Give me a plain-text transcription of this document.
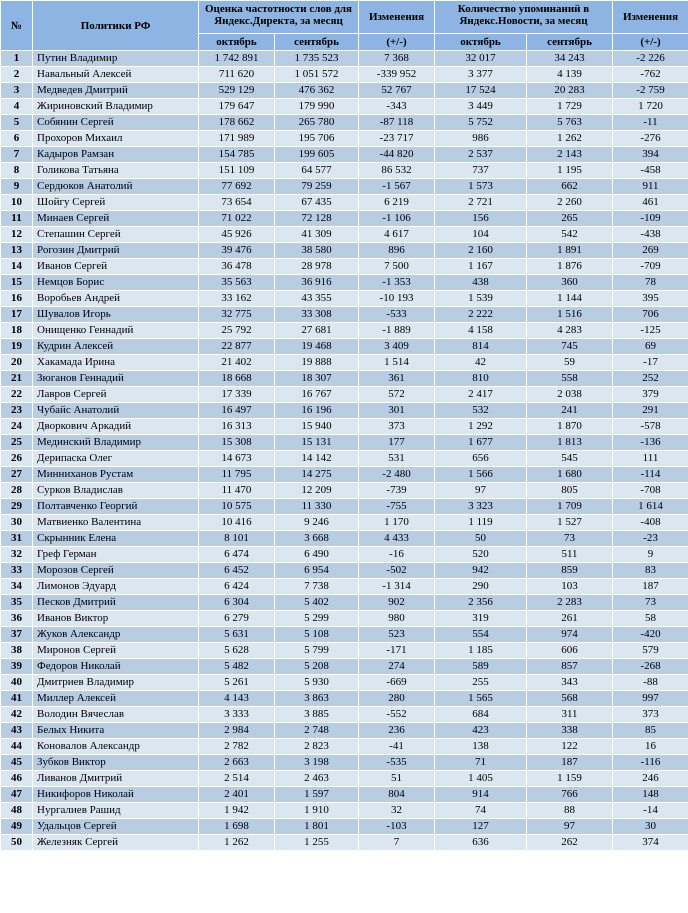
№	Политики РФ	Оценка частотности слов для Яндекс.Директа, за месяц		Изменения	Количество упоминаний в Яндекс.Новости, за месяц		Изменения
		октябрь	сентябрь	(+/-)	октябрь	сентябрь	(+/-)
1	Путин Владимир	1 742 891	1 735 523	7 368	32 017	34 243	-2 226
2	Навальный Алексей	711 620	1 051 572	-339 952	3 377	4 139	-762
3	Медведев Дмитрий	529 129	476 362	52 767	17 524	20 283	-2 759
4	Жириновский Владимир	179 647	179 990	-343	3 449	1 729	1 720
5	Собянин Сергей	178 662	265 780	-87 118	5 752	5 763	-11
6	Прохоров Михаил	171 989	195 706	-23 717	986	1 262	-276
7	Кадыров Рамзан	154 785	199 605	-44 820	2 537	2 143	394
8	Голикова Татьяна	151 109	64 577	86 532	737	1 195	-458
9	Сердюков Анатолий	77 692	79 259	-1 567	1 573	662	911
10	Шойгу Сергей	73 654	67 435	6 219	2 721	2 260	461
11	Минаев Сергей	71 022	72 128	-1 106	156	265	-109
12	Степашин Сергей	45 926	41 309	4 617	104	542	-438
13	Рогозин Дмитрий	39 476	38 580	896	2 160	1 891	269
14	Иванов Сергей	36 478	28 978	7 500	1 167	1 876	-709
15	Немцов Борис	35 563	36 916	-1 353	438	360	78
16	Воробьев Андрей	33 162	43 355	-10 193	1 539	1 144	395
17	Шувалов Игорь	32 775	33 308	-533	2 222	1 516	706
18	Онищенко Геннадий	25 792	27 681	-1 889	4 158	4 283	-125
19	Кудрин Алексей	22 877	19 468	3 409	814	745	69
20	Хакамада Ирина	21 402	19 888	1 514	42	59	-17
21	Зюганов Геннадий	18 668	18 307	361	810	558	252
22	Лавров Сергей	17 339	16 767	572	2 417	2 038	379
23	Чубайс Анатолий	16 497	16 196	301	532	241	291
24	Дворкович Аркадий	16 313	15 940	373	1 292	1 870	-578
25	Мединский Владимир	15 308	15 131	177	1 677	1 813	-136
26	Дерипаска Олег	14 673	14 142	531	656	545	111
27	Минниханов Рустам	11 795	14 275	-2 480	1 566	1 680	-114
28	Сурков Владислав	11 470	12 209	-739	97	805	-708
29	Полтавченко Георгий	10 575	11 330	-755	3 323	1 709	1 614
30	Матвиенко Валентина	10 416	9 246	1 170	1 119	1 527	-408
31	Скрынник Елена	8 101	3 668	4 433	50	73	-23
32	Греф Герман	6 474	6 490	-16	520	511	9
33	Морозов Сергей	6 452	6 954	-502	942	859	83
34	Лимонов Эдуард	6 424	7 738	-1 314	290	103	187
35	Песков Дмитрий	6 304	5 402	902	2 356	2 283	73
36	Иванов Виктор	6 279	5 299	980	319	261	58
37	Жуков Александр	5 631	5 108	523	554	974	-420
38	Миронов Сергей	5 628	5 799	-171	1 185	606	579
39	Федоров Николай	5 482	5 208	274	589	857	-268
40	Дмитриев Владимир	5 261	5 930	-669	255	343	-88
41	Миллер Алексей	4 143	3 863	280	1 565	568	997
42	Володин Вячеслав	3 333	3 885	-552	684	311	373
43	Белых Никита	2 984	2 748	236	423	338	85
44	Коновалов Александр	2 782	2 823	-41	138	122	16
45	Зубков Виктор	2 663	3 198	-535	71	187	-116
46	Ливанов Дмитрий	2 514	2 463	51	1 405	1 159	246
47	Никифоров Николай	2 401	1 597	804	914	766	148
48	Нургалиев Рашид	1 942	1 910	32	74	88	-14
49	Удальцов Сергей	1 698	1 801	-103	127	97	30
50	Железняк Сергей	1 262	1 255	7	636	262	374
